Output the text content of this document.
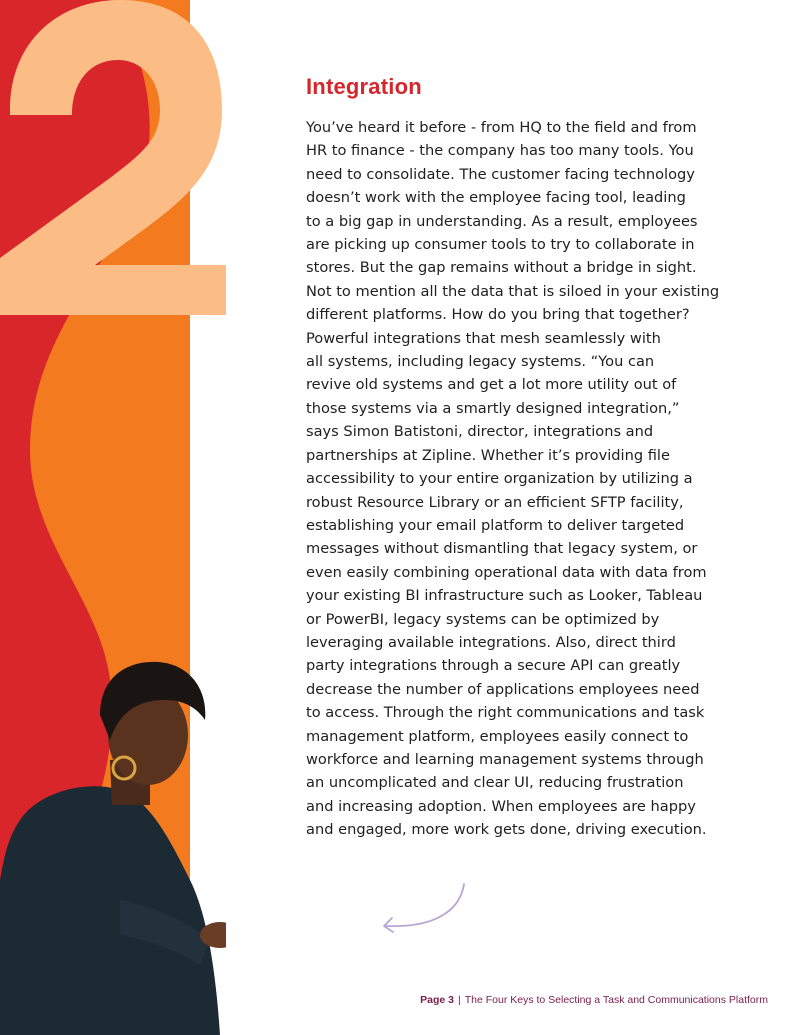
Integration
You’ve heard it before - from HQ to the field and from
HR to finance - the company has too many tools. You
need to consolidate. The customer facing technology
doesn’t work with the employee facing tool, leading
to a big gap in understanding. As a result, employees
are picking up consumer tools to try to collaborate in
stores. But the gap remains without a bridge in sight.
Not to mention all the data that is siloed in your existing
different platforms. How do you bring that together?
Powerful integrations that mesh seamlessly with
all systems, including legacy systems. “You can
revive old systems and get a lot more utility out of
those systems via a smartly designed integration,”
says Simon Batistoni, director, integrations and
partnerships at Zipline. Whether it’s providing file
accessibility to your entire organization by utilizing a
robust Resource Library or an efficient SFTP facility,
establishing your email platform to deliver targeted
messages without dismantling that legacy system, or
even easily combining operational data with data from
your existing BI infrastructure such as Looker, Tableau
or PowerBI, legacy systems can be optimized by
leveraging available integrations. Also, direct third
party integrations through a secure API can greatly
decrease the number of applications employees need
to access. Through the right communications and task
management platform, employees easily connect to
workforce and learning management systems through
an uncomplicated and clear UI, reducing frustration
and increasing adoption. When employees are happy
and engaged, more work gets done, driving execution.
Page 3 | The Four Keys to Selecting a Task and Communications Platform
